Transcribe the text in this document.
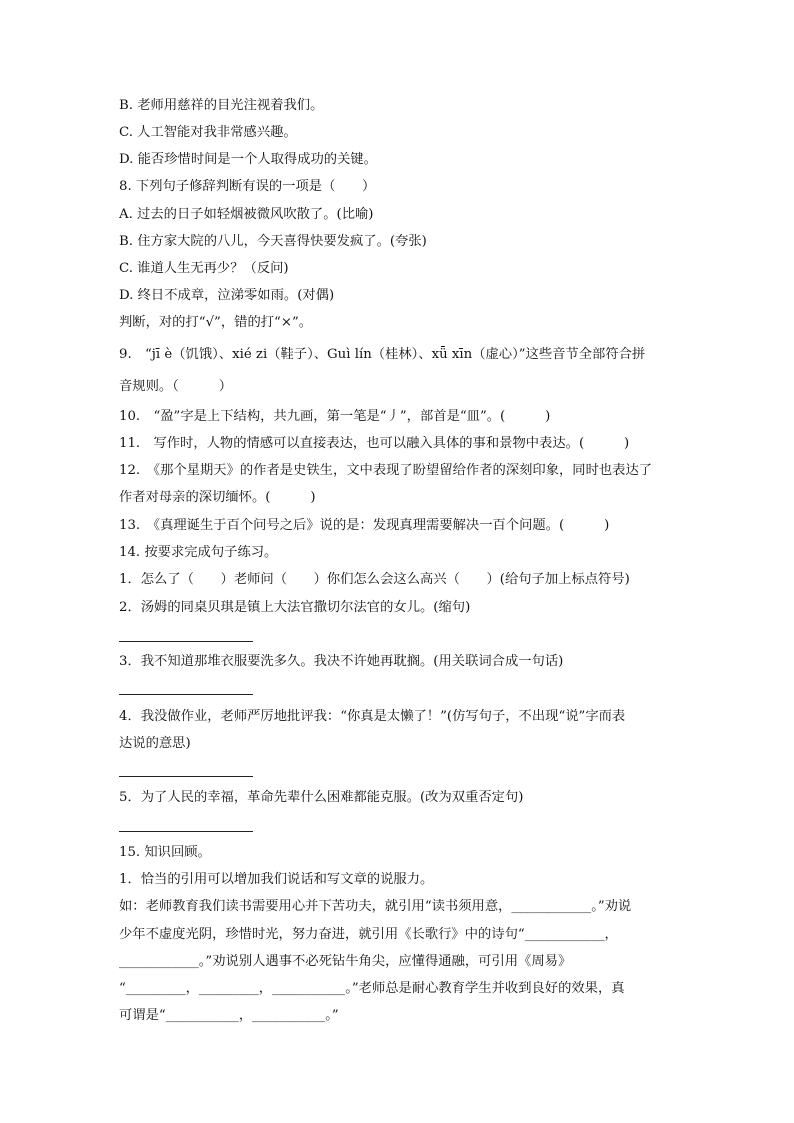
B. 老师用慈祥的目光注视着我们。

C. 人工智能对我非常感兴趣。

D. 能否珍惜时间是一个人取得成功的关键。

8. 下列句子修辞判断有误的一项是（　　）

A. 过去的日子如轻烟被微风吹散了。(比喻)

B. 住方家大院的八儿，今天喜得快要发疯了。(夸张)

C. 谁道人生无再少？（反问)

D. 终日不成章，泣涕零如雨。(对偶)

判断，对的打“√”，错的打“×”。

9.　“jī è（饥饿）、xié zi（鞋子）、Guì lín（桂林）、xǖ xīn（虚心）”这些音节全部符合拼

音规则。（　　　）

10.　“盈”字是上下结构，共九画，第一笔是“丿”，部首是“皿”。(　　　)

11.　写作时，人物的情感可以直接表达，也可以融入具体的事和景物中表达。(　　　)

12.　《那个星期天》的作者是史铁生，文中表现了盼望留给作者的深刻印象，同时也表达了

作者对母亲的深切缅怀。(　　　)

13.　《真理诞生于百个问号之后》说的是：发现真理需要解决一百个问题。(　　　)

14. 按要求完成句子练习。

1．怎么了（　　）老师问（　　）你们怎么会这么高兴（　　）(给句子加上标点符号)

2．汤姆的同桌贝琪是镇上大法官撒切尔法官的女儿。(缩句)

3．我不知道那堆衣服要洗多久。我决不许她再耽搁。(用关联词合成一句话)

4．我没做作业，老师严厉地批评我：“你真是太懒了！”(仿写句子，不出现“说”字而表

达说的意思)

5．为了人民的幸福，革命先辈什么困难都能克服。(改为双重否定句)

15. 知识回顾。

1．恰当的引用可以增加我们说话和写文章的说服力。

如：老师教育我们读书需要用心并下苦功夫，就引用“读书须用意，____________。”劝说

少年不虚度光阴，珍惜时光，努力奋进，就引用《长歌行》中的诗句“____________，

____________。”劝说别人遇事不必死钻牛角尖，应懂得通融，可引用《周易》

“_________，_________，___________。”老师总是耐心教育学生并收到良好的效果，真

可谓是“___________，___________。”
